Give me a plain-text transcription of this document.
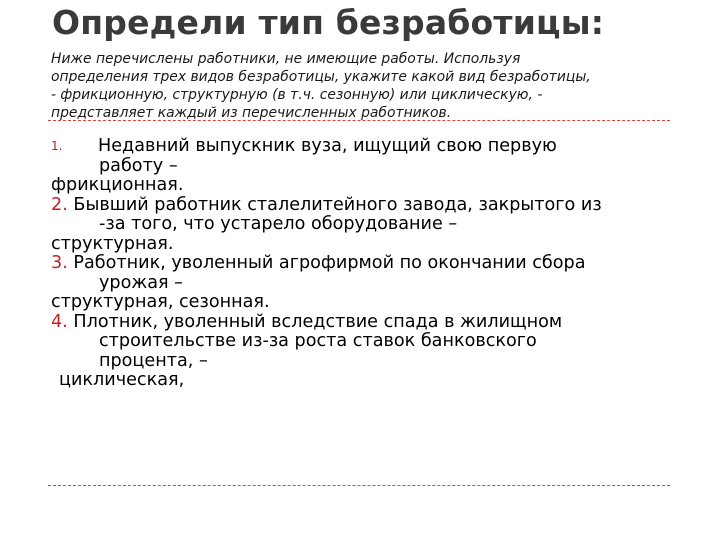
Определи тип безработицы:
Ниже перечислены работники, не имеющие работы. Используя
определения трех видов безработицы, укажите какой вид безработицы,
- фрикционную, структурную (в т.ч. сезонную) или циклическую, -
представляет каждый из перечисленных работников.
1. Недавний выпускник вуза, ищущий свою первую
работу –
фрикционная.
2. Бывший работник сталелитейного завода, закрытого из
-за того, что устарело оборудование –
структурная.
3. Работник, уволенный агрофирмой по окончании сбора
урожая –
структурная, сезонная.
4. Плотник, уволенный вследствие спада в жилищном
строительстве из-за роста ставок банковского
процента, –
циклическая,
